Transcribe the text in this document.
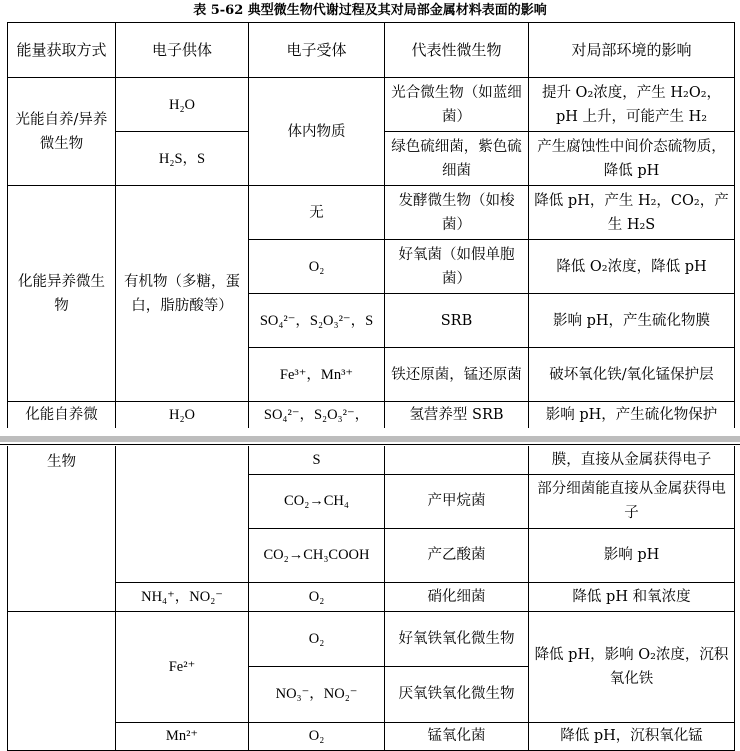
表 5-62 典型微生物代谢过程及其对局部金属材料表面的影响
能量获取方式	电子供体	电子受体	代表性微生物	对局部环境的影响
光能自养/异养微生物	H₂O	体内物质	光合微生物（如蓝细菌）	提升 O₂浓度，产生 H₂O₂，pH 上升，可能产生 H₂
	H₂S，S		绿色硫细菌，紫色硫细菌	产生腐蚀性中间价态硫物质，降低 pH
化能异养微生物	有机物（多糖，蛋白，脂肪酸等）	无	发酵微生物（如梭菌）	降低 pH，产生 H₂，CO₂，产生 H₂S
		O₂	好氧菌（如假单胞菌）	降低 O₂浓度，降低 pH
		SO₄²⁻，S₂O₃²⁻，S	SRB	影响 pH，产生硫化物膜
		Fe³⁺，Mn³⁺	铁还原菌，锰还原菌	破坏氧化铁/氧化锰保护层
化能自养微	H₂O	SO₄²⁻，S₂O₃²⁻，	氢营养型 SRB	影响 pH，产生硫化物保护
生物		S		膜，直接从金属获得电子
		CO₂→CH₄	产甲烷菌	部分细菌能直接从金属获得电子
		CO₂→CH₃COOH	产乙酸菌	影响 pH
	NH₄⁺，NO₂⁻	O₂	硝化细菌	降低 pH 和氧浓度
	Fe²⁺	O₂	好氧铁氧化微生物	降低 pH，影响 O₂浓度，沉积氧化铁
		NO₃⁻，NO₂⁻	厌氧铁氧化微生物	
	Mn²⁺	O₂	锰氧化菌	降低 pH，沉积氧化锰
